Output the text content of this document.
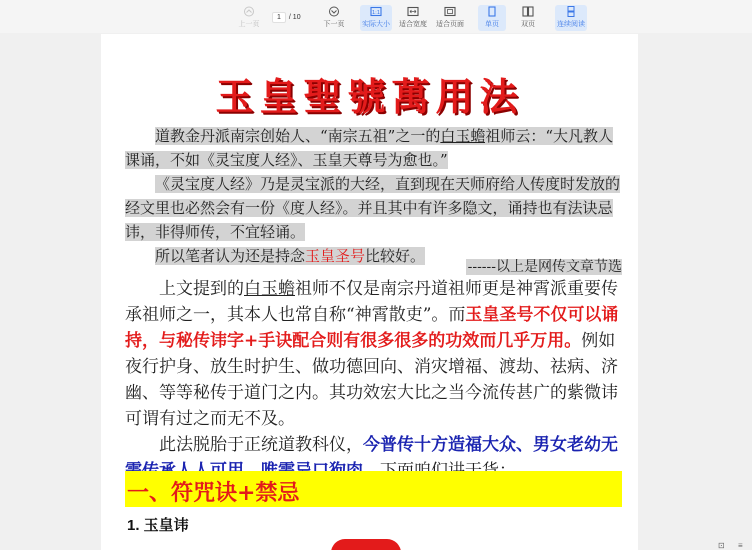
上一页
1	/ 10
下一页
1:1
实际大小 适合宽度 适合页面	单页	双页	连续阅读
玉皇聖號萬用法

道教金丹派南宗创始人、“南宗五祖”之一的白玉蟾祖师云：“大凡教人课诵，不如《灵宝度人经》、玉皇天尊号为愈也。”

《灵宝度人经》乃是灵宝派的大经，直到现在天师府给人传度时发放的经文里也必然会有一份《度人经》。并且其中有许多隐文，诵持也有法诀忌讳，非得师传，不宜轻诵。

所以笔者认为还是持念玉皇圣号比较好。

------以上是网传文章节选

上文提到的白玉蟾祖师不仅是南宗丹道祖师更是神霄派重要传承祖师之一，其本人也常自称“神霄散吏”。而玉皇圣号不仅可以诵持，与秘传讳字+手诀配合则有很多很多的功效而几乎万用。例如夜行护身、放生时护生、做功德回向、消灾增福、渡劫、祛病、济幽、等等秘传于道门之内。其功效宏大比之当今流传甚广的紫微讳可谓有过之而无不及。

此法脱胎于正统道教科仪，今普传十方造福大众、男女老幼无

一、符咒诀+禁忌
1. 玉皇讳
⊡ ≡
